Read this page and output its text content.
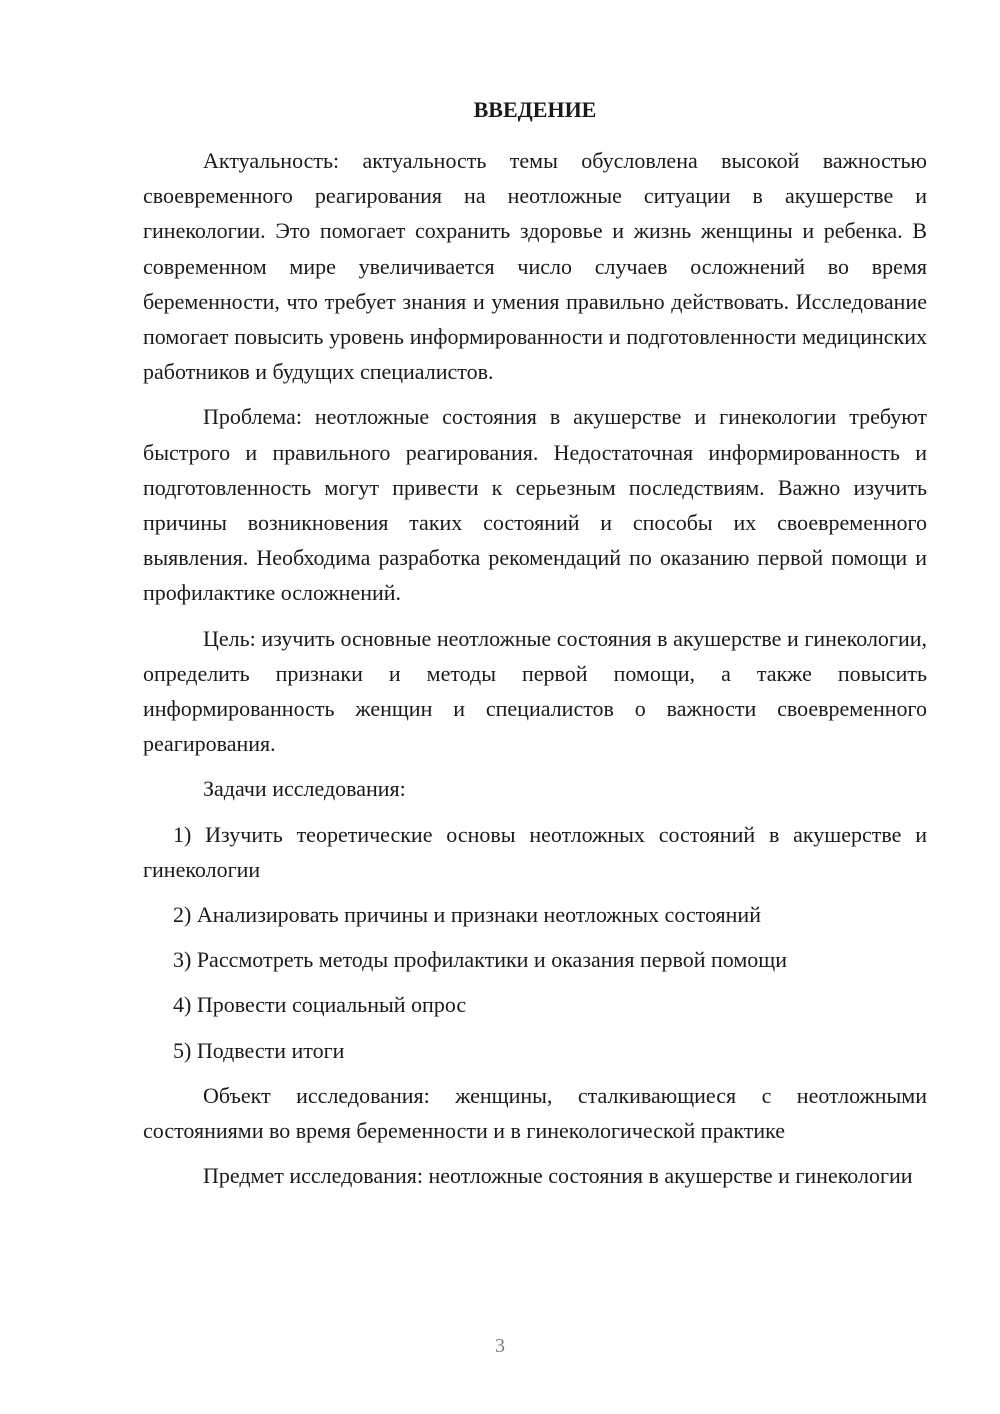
ВВЕДЕНИЕ

Актуальность: актуальность темы обусловлена высокой важностью своевременного реагирования на неотложные ситуации в акушерстве и гинекологии. Это помогает сохранить здоровье и жизнь женщины и ребенка. В современном мире увеличивается число случаев осложнений во время беременности, что требует знания и умения правильно действовать. Исследование помогает повысить уровень информированности и подготовленности медицинских работников и будущих специалистов.

Проблема: неотложные состояния в акушерстве и гинекологии требуют быстрого и правильного реагирования. Недостаточная информированность и подготовленность могут привести к серьезным последствиям. Важно изучить причины возникновения таких состояний и способы их своевременного выявления. Необходима разработка рекомендаций по оказанию первой помощи и профилактике осложнений.

Цель: изучить основные неотложные состояния в акушерстве и гинекологии, определить признаки и методы первой помощи, а также повысить информированность женщин и специалистов о важности своевременного реагирования.

Задачи исследования:

1) Изучить теоретические основы неотложных состояний в акушерстве и гинекологии

2) Анализировать причины и признаки неотложных состояний

3) Рассмотреть методы профилактики и оказания первой помощи

4) Провести социальный опрос

5) Подвести итоги

Объект исследования: женщины, сталкивающиеся с неотложными состояниями во время беременности и в гинекологической практике

Предмет исследования: неотложные состояния в акушерстве и гинекологии

3
